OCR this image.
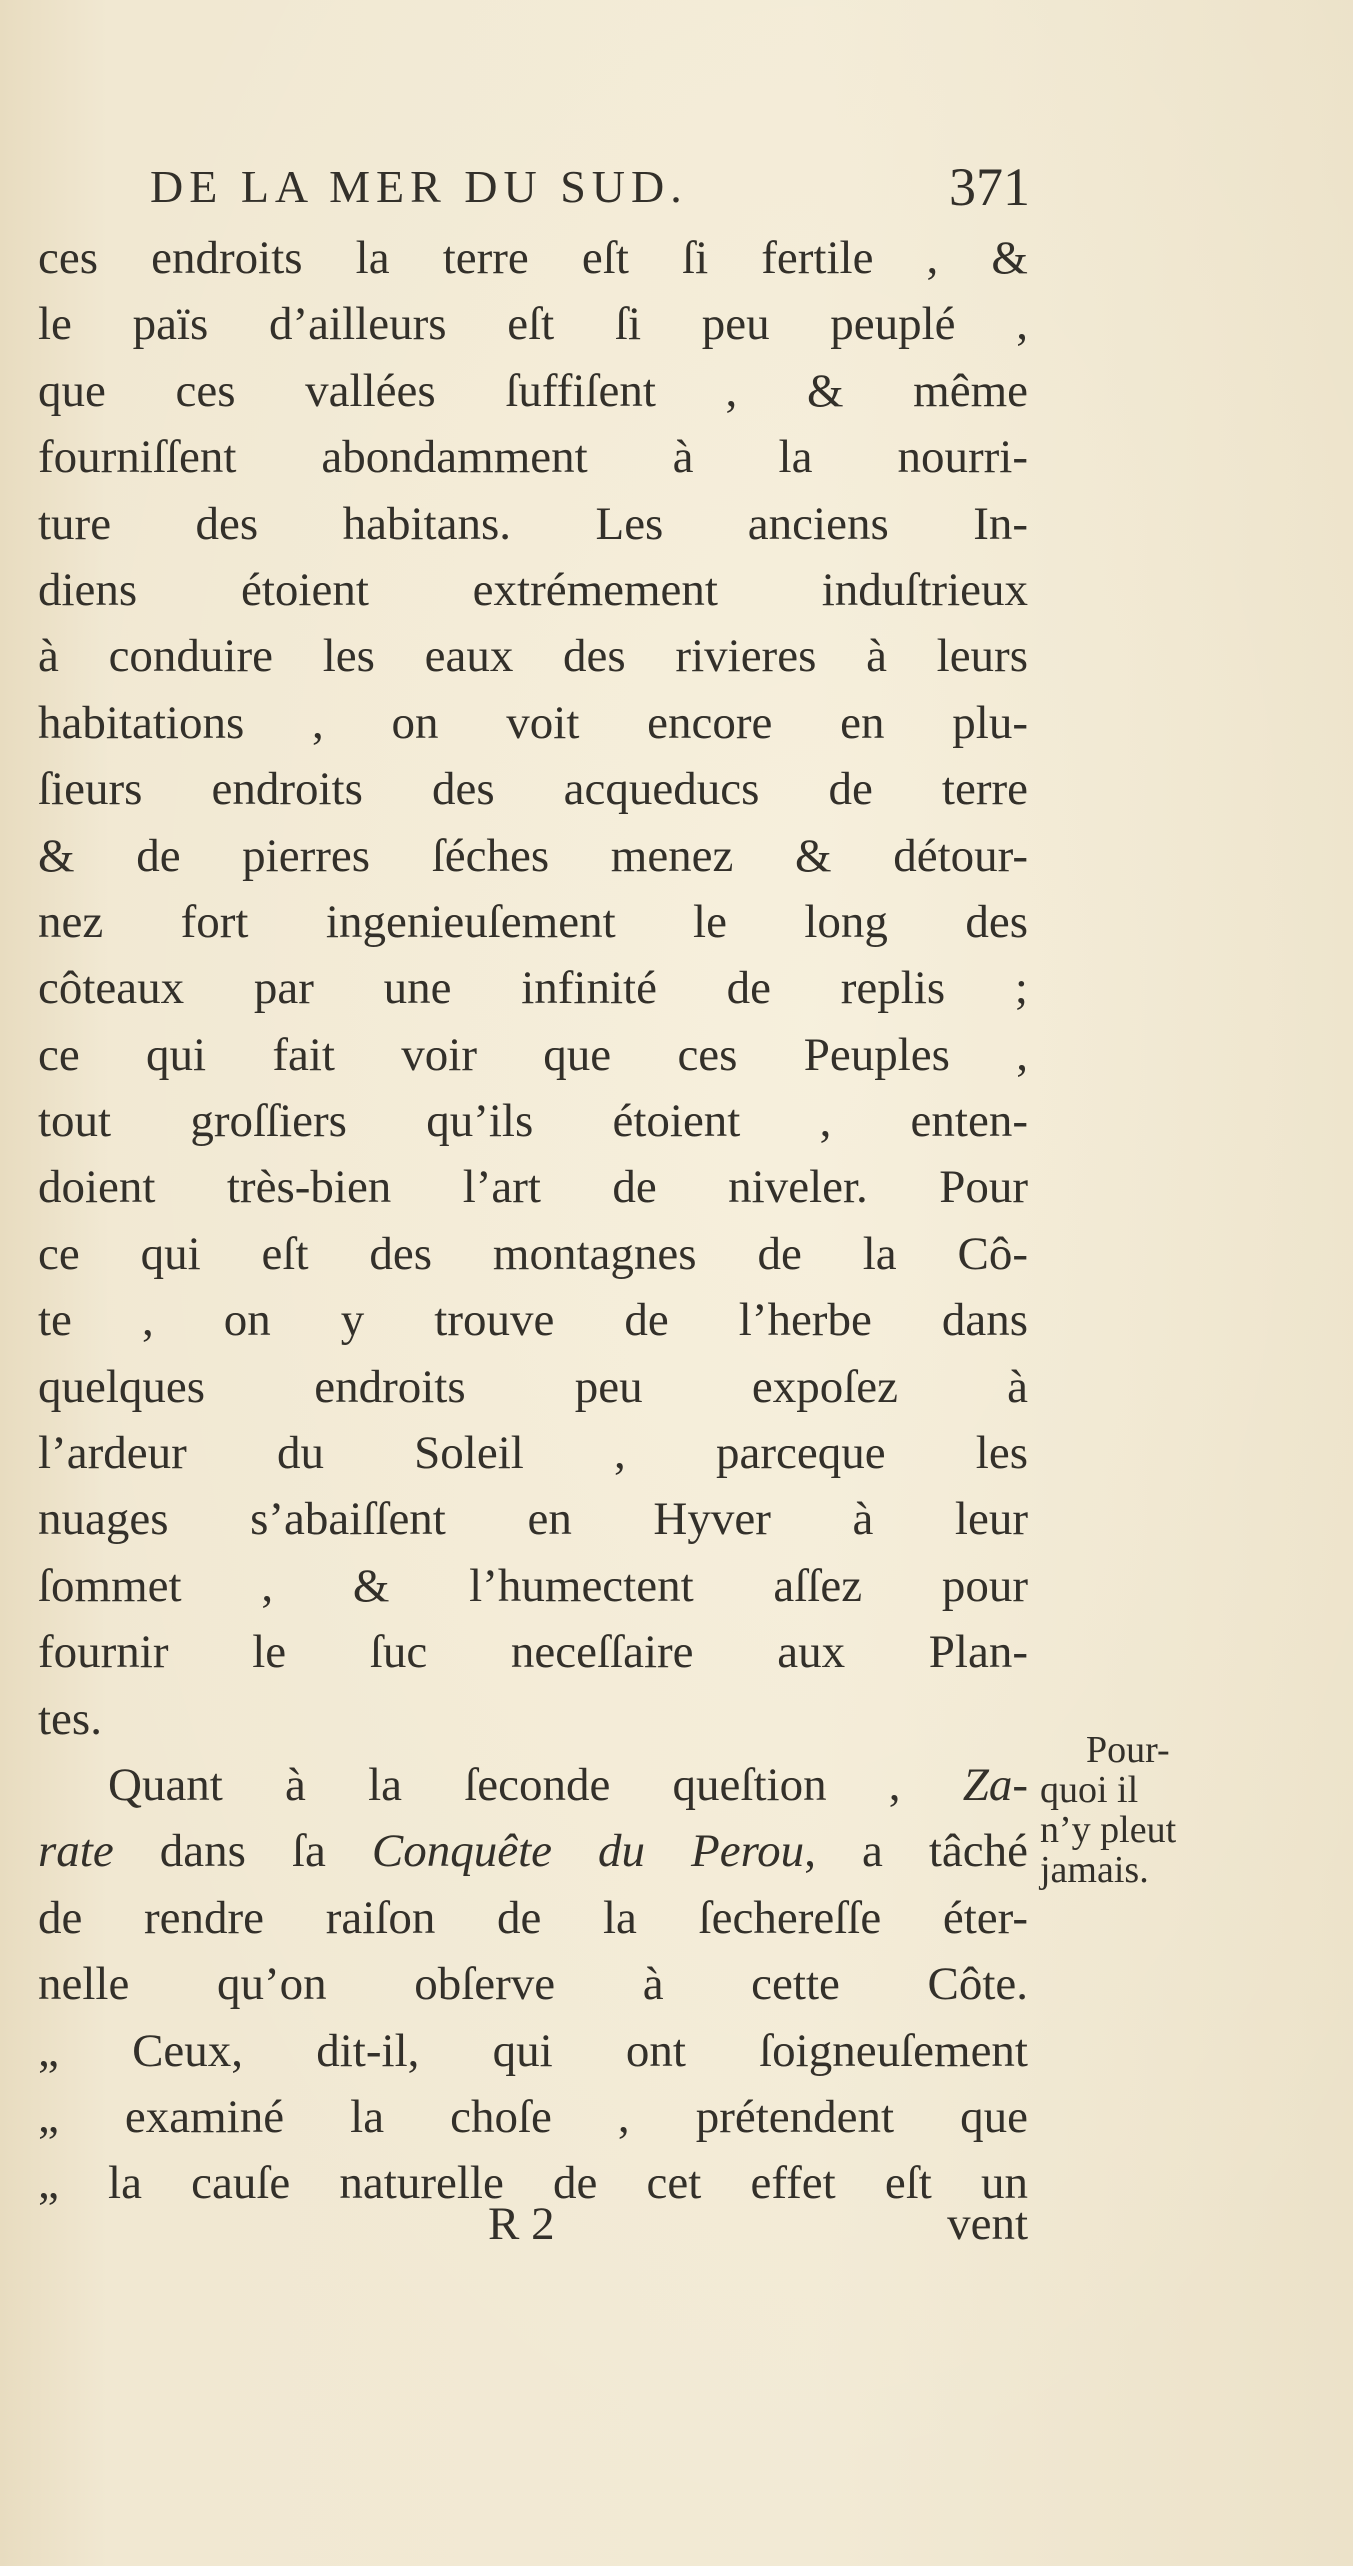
DE LA MER DU SUD.	371
ces endroits la terre eſt ſi fertile , &
le païs d’ailleurs eſt ſi peu peuplé ,
que ces vallées ſuffiſent , & même
fourniſſent abondamment à la nourri-
ture des habitans. Les anciens In-
diens étoient extrémement induſtrieux
à conduire les eaux des rivieres à leurs
habitations , on voit encore en plu-
ſieurs endroits des acqueducs de terre
& de pierres ſéches menez & détour-
nez fort ingenieuſement le long des
côteaux par une infinité de replis ;
ce qui fait voir que ces Peuples ,
tout groſſiers qu’ils étoient , enten-
doient très-bien l’art de niveler. Pour
ce qui eſt des montagnes de la Cô-
te , on y trouve de l’herbe dans
quelques endroits peu expoſez à
l’ardeur du Soleil , parceque les
nuages s’abaiſſent en Hyver à leur
ſommet , & l’humectent aſſez pour
fournir le ſuc neceſſaire aux Plan-
tes.
Quant à la ſeconde queſtion , Za-
rate dans ſa Conquête du Perou, a tâché
de rendre raiſon de la ſechereſſe éter-
nelle qu’on obſerve à cette Côte.
„ Ceux, dit-il, qui ont ſoigneuſement
„ examiné la choſe , prétendent que
„ la cauſe naturelle de cet effet eſt un
R 2	vent
Pour-
quoi il
n’y pleut
jamais.
